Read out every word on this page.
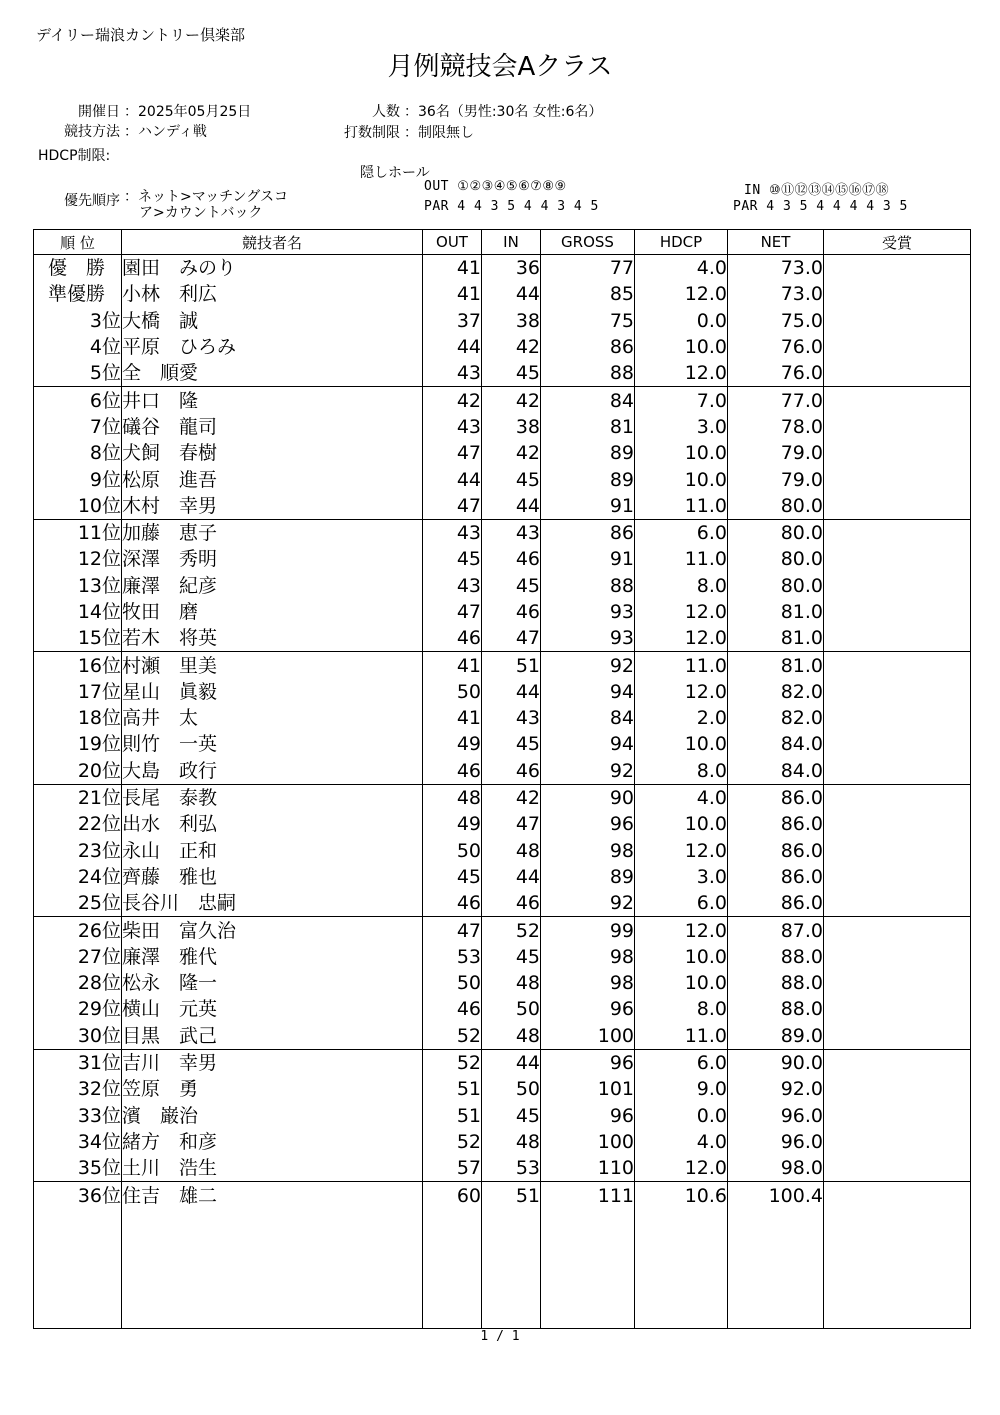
デイリー瑞浪カントリー倶楽部
月例競技会Aクラス
開催日 ：2025年05月25日	人数 ：36名（男性:30名 女性:6名）
競技方法 ：ハンディ戦	打数制限 ：制限無し
HDCP制限:
隠しホール
優先順序 ：ネット>マッチングスコ
ア>カウントバック
OUT ①②③④⑤⑥⑦⑧⑨
PAR 4 4 3 5 4 4 3 4 5
IN ⑩⑪⑫⑬⑭⑮⑯⑰⑱
PAR 4 3 5 4 4 4 4 3 5
順 位	競技者名	OUT	IN	GROSS	HDCP	NET	受賞
優　勝	園田　みのり	41	36	77	4.0	73.0	
準優勝	小林　利広	41	44	85	12.0	73.0	
3位	大橋　誠	37	38	75	0.0	75.0	
4位	平原　ひろみ	44	42	86	10.0	76.0	
5位	全　順愛	43	45	88	12.0	76.0	
6位	井口　隆	42	42	84	7.0	77.0	
7位	礒谷　龍司	43	38	81	3.0	78.0	
8位	犬飼　春樹	47	42	89	10.0	79.0	
9位	松原　進吾	44	45	89	10.0	79.0	
10位	木村　幸男	47	44	91	11.0	80.0	
11位	加藤　恵子	43	43	86	6.0	80.0	
12位	深澤　秀明	45	46	91	11.0	80.0	
13位	廉澤　紀彦	43	45	88	8.0	80.0	
14位	牧田　磨	47	46	93	12.0	81.0	
15位	若木　将英	46	47	93	12.0	81.0	
16位	村瀬　里美	41	51	92	11.0	81.0	
17位	星山　眞毅	50	44	94	12.0	82.0	
18位	高井　太	41	43	84	2.0	82.0	
19位	則竹　一英	49	45	94	10.0	84.0	
20位	大島　政行	46	46	92	8.0	84.0	
21位	長尾　泰教	48	42	90	4.0	86.0	
22位	出水　利弘	49	47	96	10.0	86.0	
23位	永山　正和	50	48	98	12.0	86.0	
24位	齊藤　雅也	45	44	89	3.0	86.0	
25位	長谷川　忠嗣	46	46	92	6.0	86.0	
26位	柴田　富久治	47	52	99	12.0	87.0	
27位	廉澤　雅代	53	45	98	10.0	88.0	
28位	松永　隆一	50	48	98	10.0	88.0	
29位	横山　元英	46	50	96	8.0	88.0	
30位	目黒　武己	52	48	100	11.0	89.0	
31位	吉川　幸男	52	44	96	6.0	90.0	
32位	笠原　勇	51	50	101	9.0	92.0	
33位	濱　巌治	51	45	96	0.0	96.0	
34位	緒方　和彦	52	48	100	4.0	96.0	
35位	土川　浩生	57	53	110	12.0	98.0	
36位	住吉　雄二	60	51	111	10.6	100.4	

1 / 1
